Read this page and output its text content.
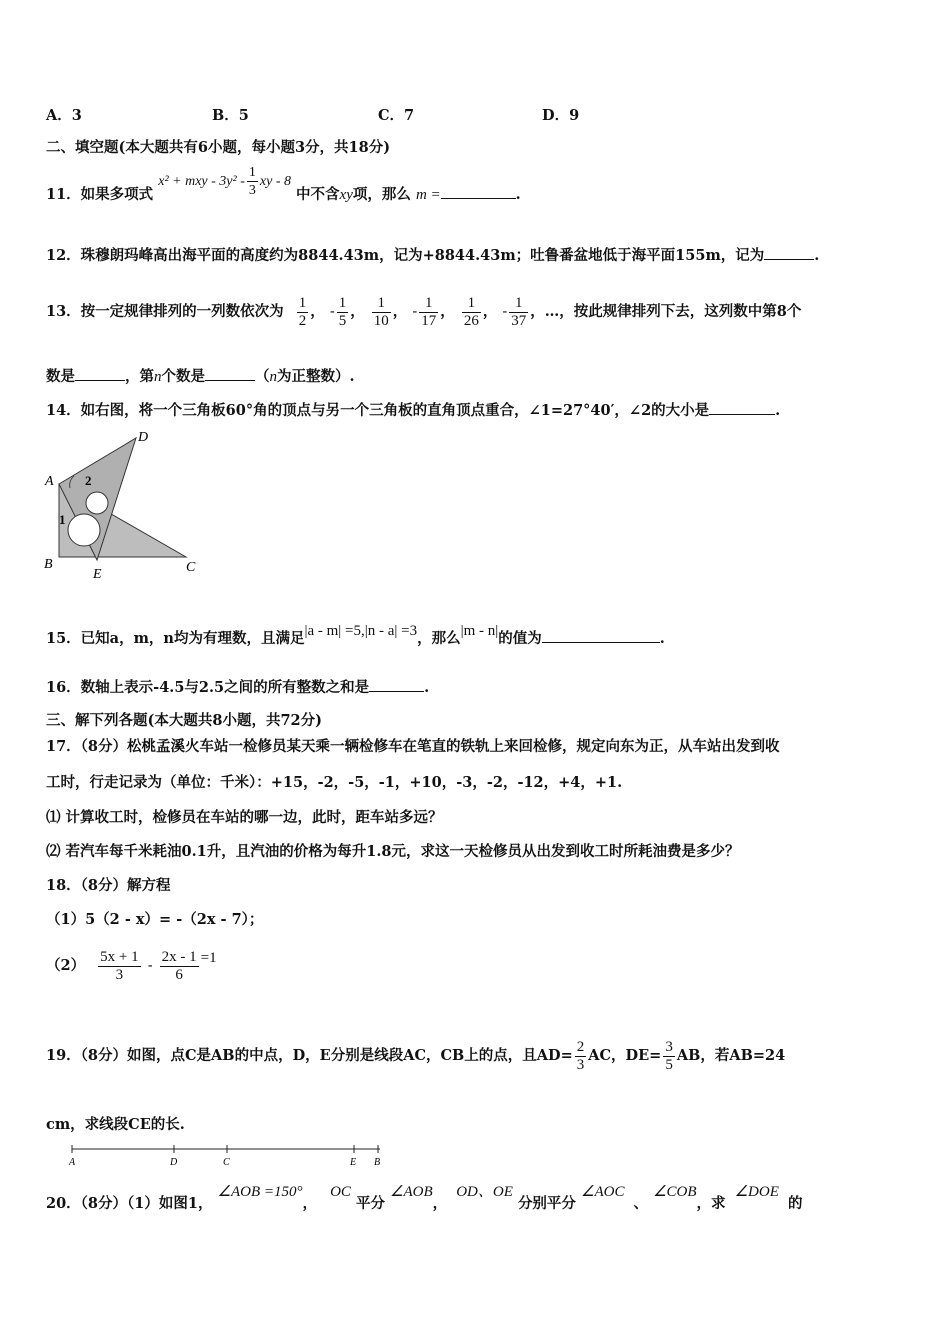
A．3	B．5	C．7	D．9
二、填空题(本大题共有6小题，每小题3分，共18分)
11．如果多项式 x² + mxy - $3y^2 - \frac{1}{3}$ xy - 8 中不含xy项，那么 m =	.
12．珠穆朗玛峰高出海平面的高度约为8844.43m，记为+8844.43m；吐鲁番盆地低于海平面155m，记为	.
13．按一定规律排列的一列数依次为 $\frac{1}{2}$ ， - $\frac{1}{5}$ ， $\frac{1}{10}$ ， - $\frac{1}{17}$ ， $\frac{1}{26}$ ， - $\frac{1}{37}$ ，…，按此规律排列下去，这列数中第8个
数是	，第n个数是	（n为正整数）.
14．如右图，将一个三角板60°角的顶点与另一个三角板的直角顶点重合，∠1=27°40′，∠2的大小是	.
A
D
B
E	C
2
1
15．已知a，m，n均为有理数，且满足|a - m| =5,|n - a| =3，那么|m - n|的值为	.
16．数轴上表示-4.5与2.5之间的所有整数之和是	.
三、解下列各题(本大题共8小题，共72分)
17．（8分）松桃孟溪火车站一检修员某天乘一辆检修车在笔直的铁轨上来回检修，规定向东为正，从车站出发到收
工时，行走记录为（单位：千米）：+15，-2，-5，-1，+10，-3，-2，-12，+4，+1.
⑴ 计算收工时，检修员在车站的哪一边，此时，距车站多远？
⑵ 若汽车每千米耗油0.1升，且汽油的价格为每升1.8元，求这一天检修员从出发到收工时所耗油费是多少？
18．（8分）解方程
（1）5（2 - x）= -（2x - 7）；
$(2) \frac{5x + 1}{3} - \frac{2x - 1}{6} =1$
19．（8分）如图，点C是AB的中点，D，E分别是线段AC，CB上的点，且$AD= \frac{2}{3}$ AC，$DE= \frac{3}{5}$ AB，若AB=24
cm，求线段CE的长.
A	D	C	E B
20．（8分）（1）如图1， ∠AOB =150°， OC 平分 ∠AOB， OD、OE 分别平分 ∠AOC 、 ∠COB，求 ∠DOE 的
